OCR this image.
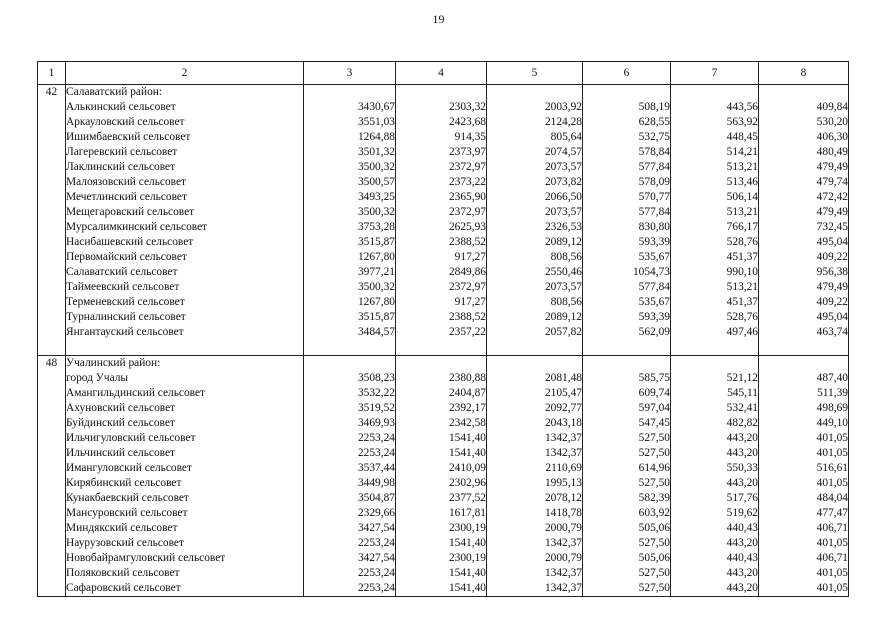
19
1	2	3	4	5	6	7	8
42	Салаватский район:						
	Алькинский сельсовет	3430,67	2303,32	2003,92	508,19	443,56	409,84
	Аркауловский сельсовет	3551,03	2423,68	2124,28	628,55	563,92	530,20
	Ишимбаевский сельсовет	1264,88	914,35	805,64	532,75	448,45	406,30
	Лагеревский сельсовет	3501,32	2373,97	2074,57	578,84	514,21	480,49
	Лаклинский сельсовет	3500,32	2372,97	2073,57	577,84	513,21	479,49
	Малоязовский сельсовет	3500,57	2373,22	2073,82	578,09	513,46	479,74
	Мечетлинский сельсовет	3493,25	2365,90	2066,50	570,77	506,14	472,42
	Мещегаровский сельсовет	3500,32	2372,97	2073,57	577,84	513,21	479,49
	Мурсалимкинский сельсовет	3753,28	2625,93	2326,53	830,80	766,17	732,45
	Насибашевский сельсовет	3515,87	2388,52	2089,12	593,39	528,76	495,04
	Первомайский сельсовет	1267,80	917,27	808,56	535,67	451,37	409,22
	Салаватский сельсовет	3977,21	2849,86	2550,46	1054,73	990,10	956,38
	Таймеевский сельсовет	3500,32	2372,97	2073,57	577,84	513,21	479,49
	Терменевский сельсовет	1267,80	917,27	808,56	535,67	451,37	409,22
	Турналинский сельсовет	3515,87	2388,52	2089,12	593,39	528,76	495,04
	Янгантауский сельсовет	3484,57	2357,22	2057,82	562,09	497,46	463,74

48	Учалинский район:						
	город Учалы	3508,23	2380,88	2081,48	585,75	521,12	487,40
	Амангильдинский сельсовет	3532,22	2404,87	2105,47	609,74	545,11	511,39
	Ахуновский сельсовет	3519,52	2392,17	2092,77	597,04	532,41	498,69
	Буйдинский сельсовет	3469,93	2342,58	2043,18	547,45	482,82	449,10
	Ильчигуловский сельсовет	2253,24	1541,40	1342,37	527,50	443,20	401,05
	Ильчинский сельсовет	2253,24	1541,40	1342,37	527,50	443,20	401,05
	Имангуловский сельсовет	3537,44	2410,09	2110,69	614,96	550,33	516,61
	Кирябинский сельсовет	3449,98	2302,96	1995,13	527,50	443,20	401,05
	Кунакбаевский сельсовет	3504,87	2377,52	2078,12	582,39	517,76	484,04
	Мансуровский сельсовет	2329,66	1617,81	1418,78	603,92	519,62	477,47
	Миндякский сельсовет	3427,54	2300,19	2000,79	505,06	440,43	406,71
	Наурузовский сельсовет	2253,24	1541,40	1342,37	527,50	443,20	401,05
	Новобайрамгуловский сельсовет	3427,54	2300,19	2000,79	505,06	440,43	406,71
	Поляковский сельсовет	2253,24	1541,40	1342,37	527,50	443,20	401,05
	Сафаровский сельсовет	2253,24	1541,40	1342,37	527,50	443,20	401,05
